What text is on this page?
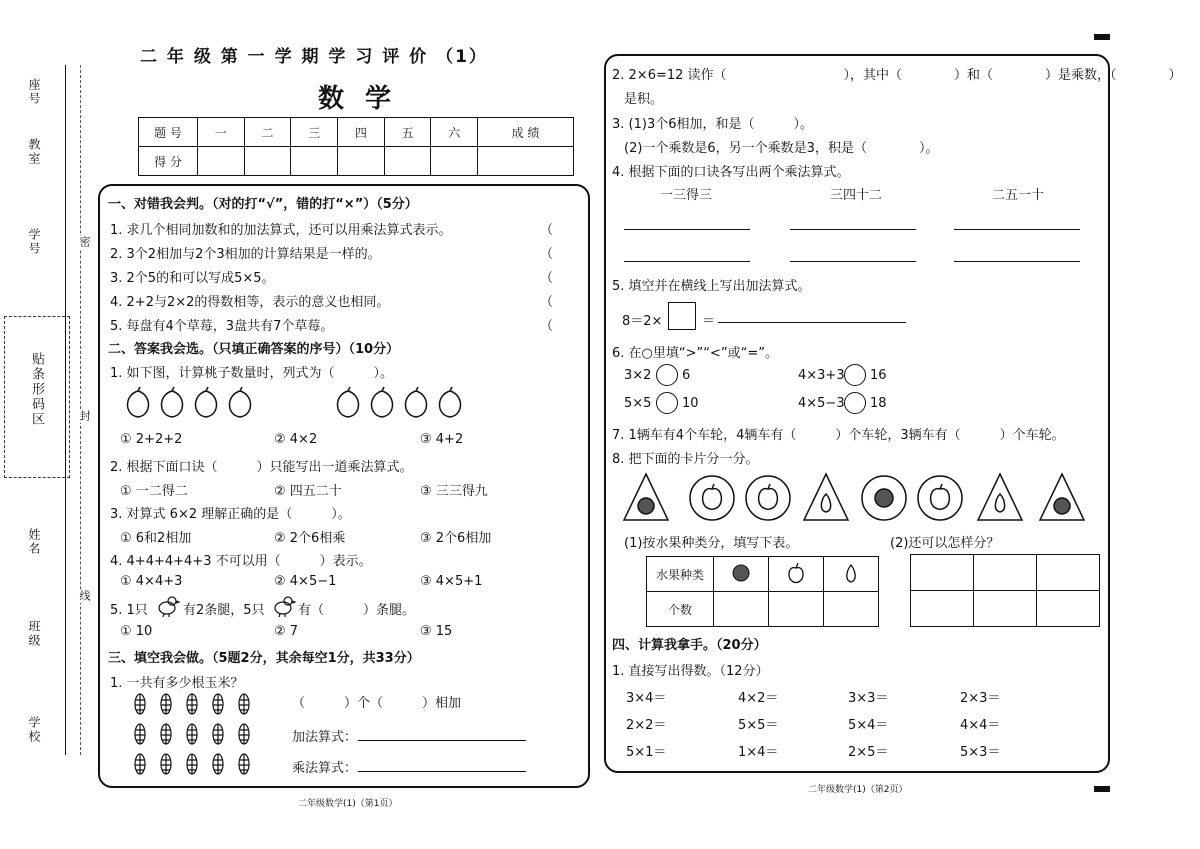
座号
教室
学号	密
贴条形码区	封
姓名
线
班级
学校
二 年 级 第 一 学 期 学 习 评 价 （1）
数 学
题 号	一	二	三	四	五	六	成 绩
得 分							
一、对错我会判。（对的打“√”，错的打“×”）（5分）
1. 求几个相同加数和的加法算式，还可以用乘法算式表示。
2. 3个2相加与2个3相加的计算结果是一样的。
3. 2个5的和可以写成5×5。
4. 2+2与2×2的得数相等，表示的意义也相同。
5. 每盘有4个草莓，3盘共有7个草莓。
（
（
（
（
（
二、答案我会选。（只填正确答案的序号）（10分）
1. 如下图，计算桃子数量时，列式为（　　　）。
① 2+2+2	② 4×2	③ 4+2
2. 根据下面口诀（　　　）只能写出一道乘法算式。
① 一二得二	② 四五二十	③ 三三得九
3. 对算式 6×2 理解正确的是（　　　）。
① 6和2相加	② 2个6相乘	③ 2个6相加
4. 4+4+4+4+3 不可以用（　　　）表示。
① 4×4+3	② 4×5−1	③ 4×5+1
5. 1只	有2条腿，5只	有（　　　）条腿。
① 10	② 7	③ 15
三、填空我会做。（5题2分，其余每空1分，共33分）
1. 一共有多少根玉米？
（　　　）个（　　　）相加
加法算式：
乘法算式：
二年级数学(1)（第1页）
2. 2×6=12 读作（　　　　　　　　　），其中（　　　　）和（　　　　）是乘数，（　　　　）
是积。
3. (1)3个6相加，和是（　　　）。
(2)一个乘数是6，另一个乘数是3，积是（　　　　）。
4. 根据下面的口诀各写出两个乘法算式。
一三得三	三四十二	二五一十
5. 填空并在横线上写出加法算式。
8＝2×	＝
6. 在○里填“>”“<”或“=”。
3×2 6	4×3+3 16
5×5 10	4×5−3 18
7. 1辆车有4个车轮，4辆车有（　　　）个车轮，3辆车有（　　　）个车轮。
8. 把下面的卡片分一分。
(1)按水果种类分，填写下表。	(2)还可以怎样分？
水果种类			
个数			

四、计算我拿手。（20分）
1. 直接写出得数。（12分）
3×4＝	4×2＝	3×3＝	2×3＝
2×2＝	5×5＝	5×4＝	4×4＝
5×1＝	1×4＝	2×5＝	5×3＝
二年级数学(1)（第2页）
